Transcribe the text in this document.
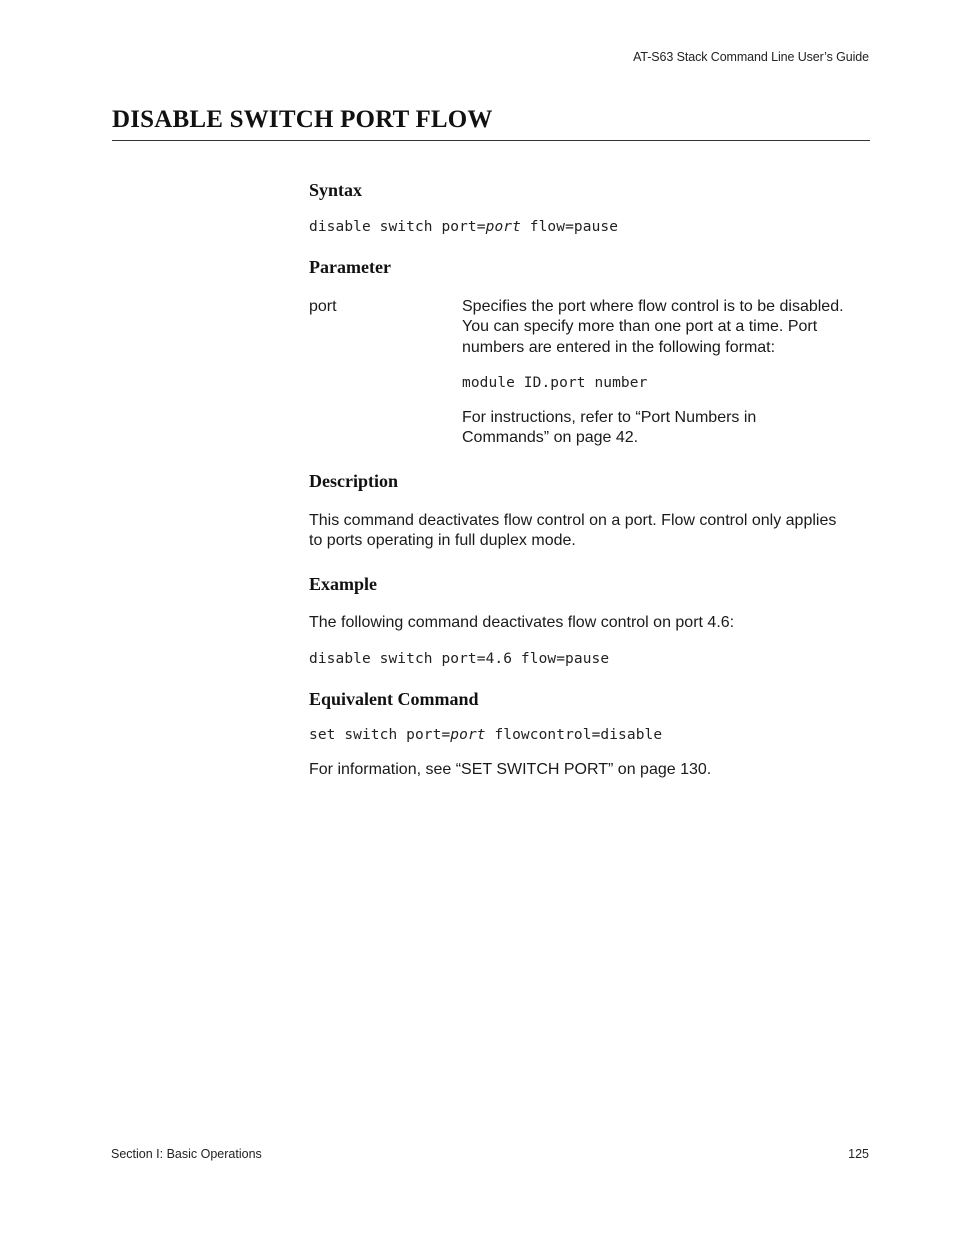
AT-S63 Stack Command Line User’s Guide
DISABLE SWITCH PORT FLOW
Syntax
disable switch port=port flow=pause
Parameter
port	Specifies the port where flow control is to be disabled.
You can specify more than one port at a time. Port
numbers are entered in the following format:
module ID.port number
For instructions, refer to “Port Numbers in
Commands” on page 42.
Description
This command deactivates flow control on a port. Flow control only applies
to ports operating in full duplex mode.
Example
The following command deactivates flow control on port 4.6:
disable switch port=4.6 flow=pause
Equivalent Command
set switch port=port flowcontrol=disable
For information, see “SET SWITCH PORT” on page 130.
Section I: Basic Operations	125
